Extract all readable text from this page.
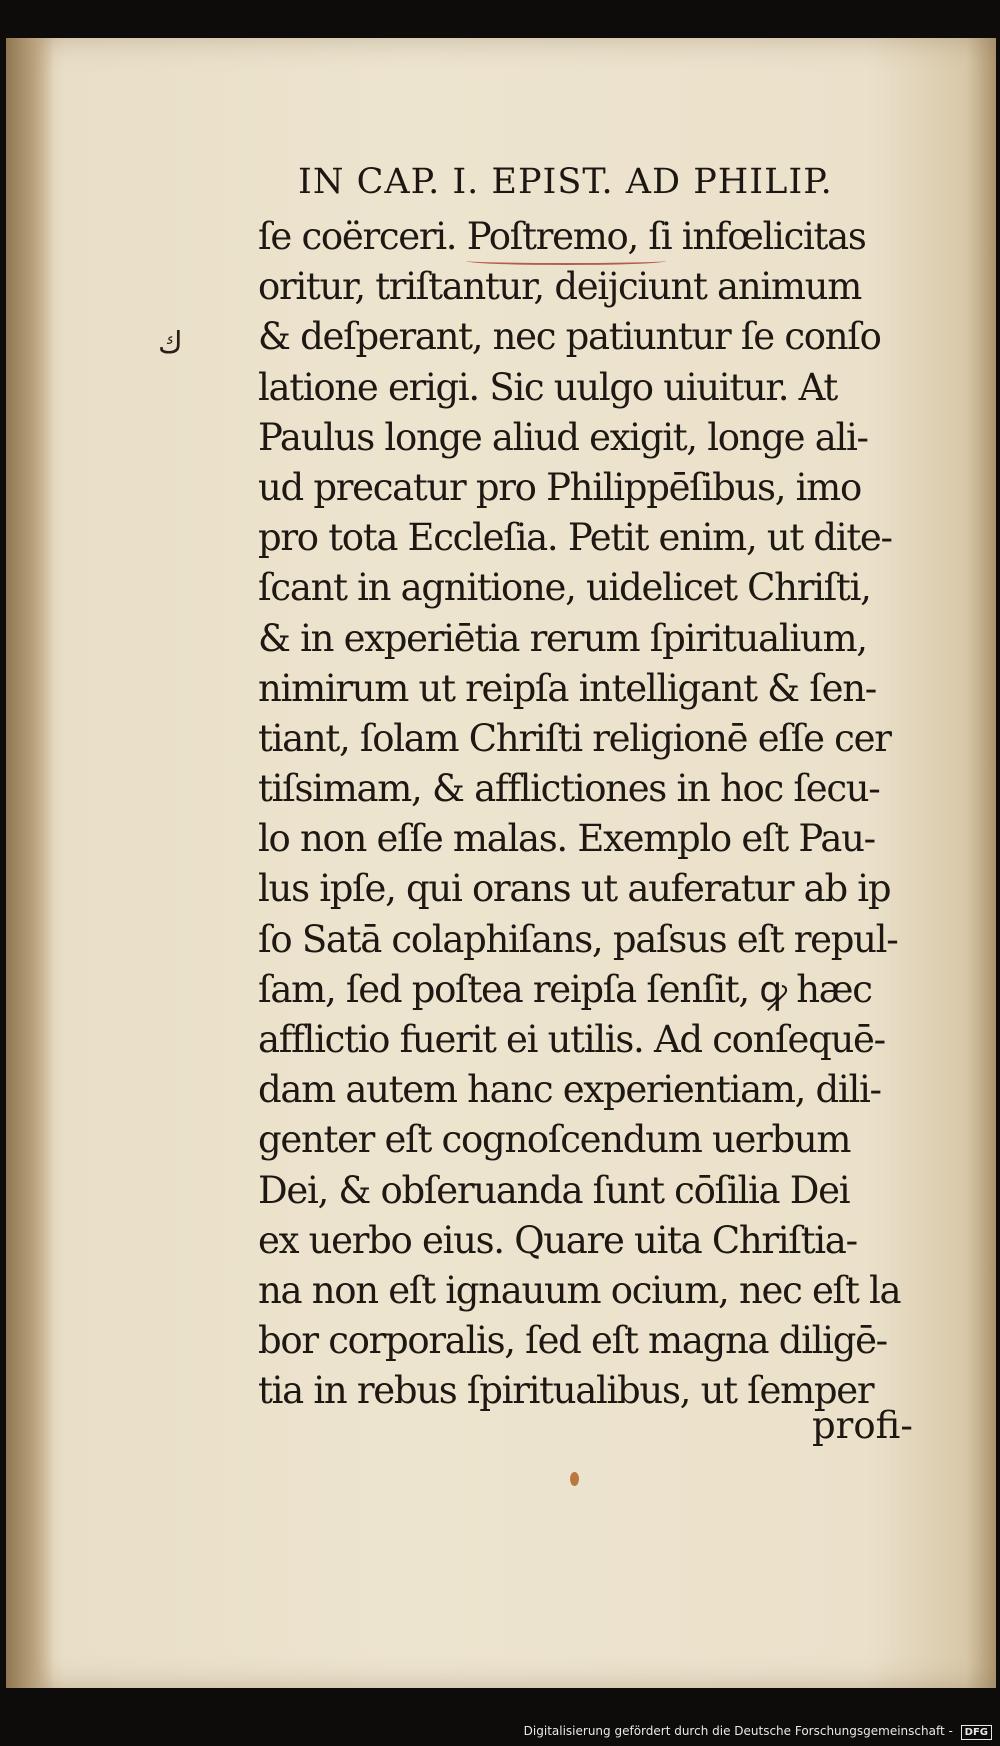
IN CAP. I. EPIST. AD PHILIP.
ك
ſe coërceri. Poſtremo, ſi infœlicitas
oritur, triſtantur, deijciunt animum
& deſperant, nec patiuntur ſe conſo
latione erigi. Sic uulgo uiuitur. At
Paulus longe aliud exigit, longe ali-
ud precatur pro Philippēſibus, imo
pro tota Eccleſia. Petit enim, ut dite-
ſcant in agnitione, uidelicet Chriſti,
& in experiētia rerum ſpiritualium,
nimirum ut reipſa intelligant & ſen-
tiant, ſolam Chriſti religionē eſſe cer
tiſsimam, & afflictiones in hoc ſecu-
lo non eſſe malas. Exemplo eſt Pau-
lus ipſe, qui orans ut auferatur ab ip
ſo Satā colaphiſans, paſsus eſt repul-
ſam, ſed poſtea reipſa ſenſit, ꝙ hæc
afflictio fuerit ei utilis. Ad conſequē-
dam autem hanc experientiam, dili-
genter eſt cognoſcendum uerbum
Dei, & obſeruanda ſunt cōſilia Dei
ex uerbo eius. Quare uita Chriſtia-
na non eſt ignauum ocium, nec eſt la
bor corporalis, ſed eſt magna diligē-
tia in rebus ſpiritualibus, ut ſemper
profi-
Digitalisierung gefördert durch die Deutsche Forschungsgemeinschaft - DFG
